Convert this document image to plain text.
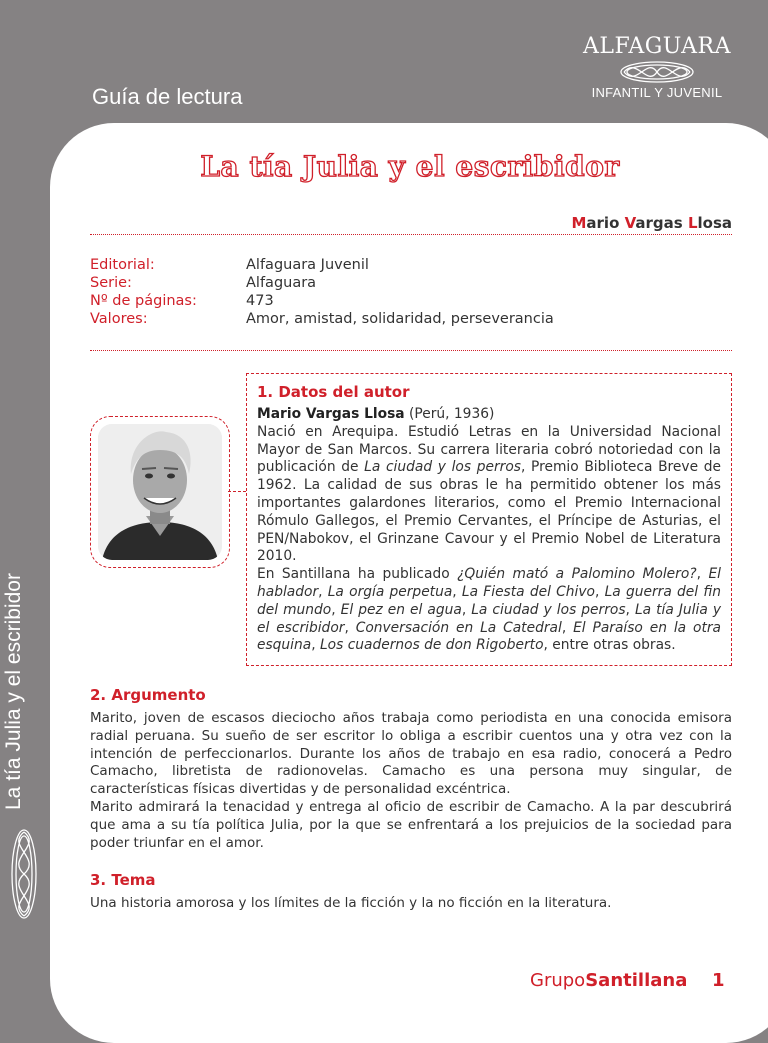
Guía de lectura
ALFAGUARA
INFANTIL Y JUVENIL
La tía Julia y el escribidor
La tía Julia y el escribidor
Mario Vargas Llosa
Editorial:	Alfaguara Juvenil
Serie:	Alfaguara
Nº de páginas:	473
Valores:	Amor, amistad, solidaridad, perseverancia
1. Datos del autor

Mario Vargas Llosa (Perú, 1936)

Nació en Arequipa. Estudió Letras en la Universidad Nacional Mayor de San Marcos. Su carrera literaria cobró notoriedad con la publicación de La ciudad y los perros, Premio Biblioteca Breve de 1962. La calidad de sus obras le ha permitido obtener los más importantes galardones literarios, como el Premio Internacional Rómulo Gallegos, el Premio Cervantes, el Príncipe de Asturias, el PEN/Nabokov, el Grinzane Cavour y el Premio Nobel de Literatura 2010.

En Santillana ha publicado ¿Quién mató a Palomino Molero?, El hablador, La orgía perpetua, La Fiesta del Chivo, La guerra del fin del mundo, El pez en el agua, La ciudad y los perros, La tía Julia y el escribidor, Conversación en La Catedral, El Paraíso en la otra esquina, Los cuadernos de don Rigoberto, entre otras obras.

2. Argumento

Marito, joven de escasos dieciocho años trabaja como periodista en una conocida emisora radial peruana. Su sueño de ser escritor lo obliga a escribir cuentos una y otra vez con la intención de perfeccionarlos. Durante los años de trabajo en esa radio, conocerá a Pedro Camacho, libretista de radionovelas. Camacho es una persona muy singular, de características físicas divertidas y de personalidad excéntrica.

Marito admirará la tenacidad y entrega al oficio de escribir de Camacho. A la par descubrirá que ama a su tía política Julia, por la que se enfrentará a los prejuicios de la sociedad para poder triunfar en el amor.

3. Tema

Una historia amorosa y los límites de la ficción y la no ficción en la literatura.

GrupoSantillana 1
